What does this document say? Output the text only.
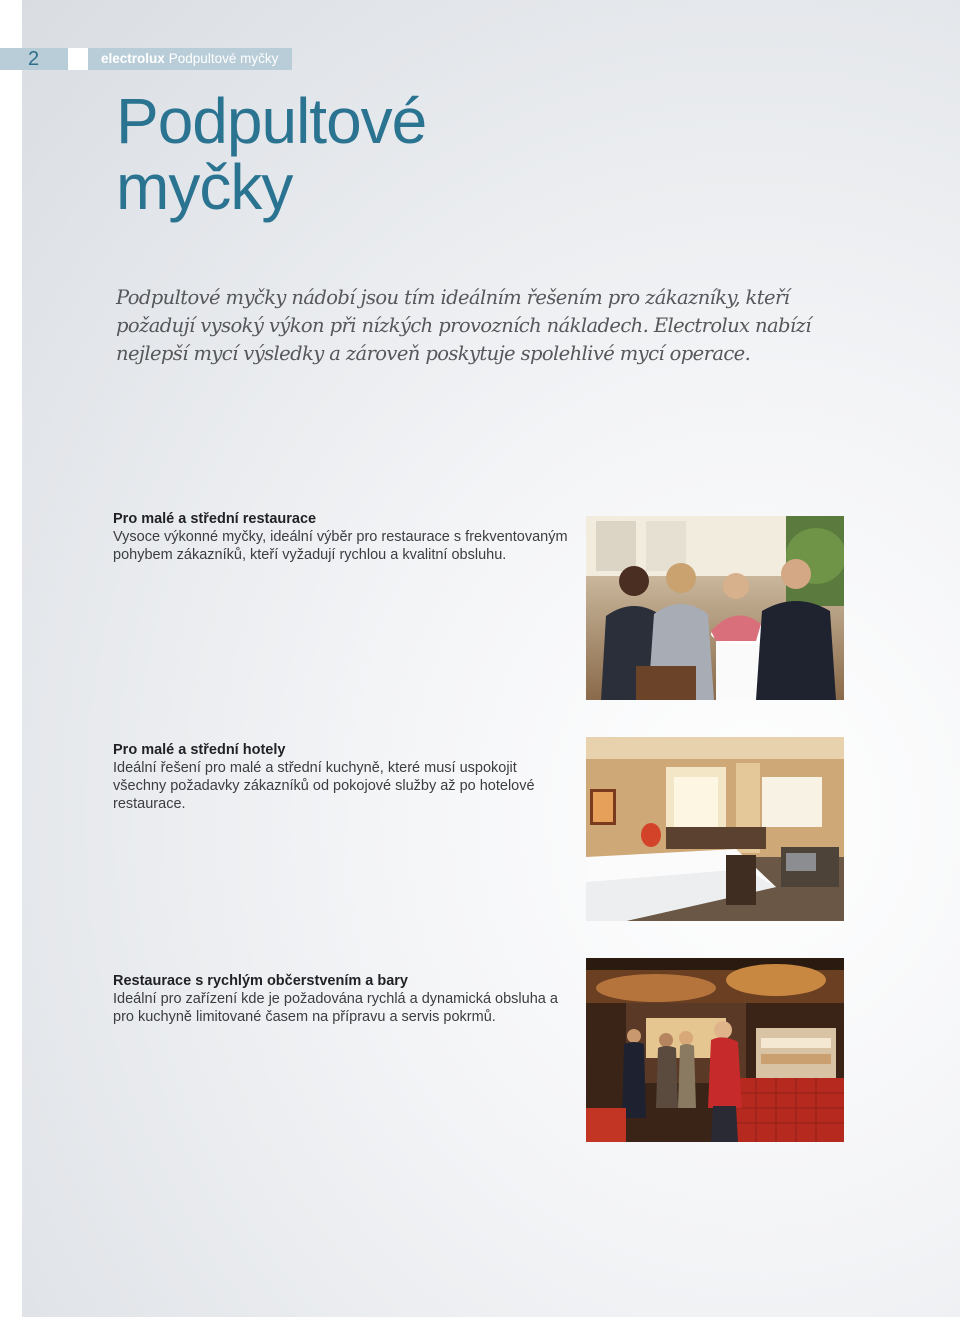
2	electrolux Podpultové myčky
Podpultové
myčky

Podpultové myčky nádobí jsou tím ideálním řešením pro zákazníky, kteří požadují vysoký výkon při nízkých provozních nákladech. Electrolux nabízí nejlepší mycí výsledky a zároveň poskytuje spolehlivé mycí operace.

Pro malé a střední restaurace

Vysoce výkonné myčky, ideální výběr pro restaurace s frekventovaným pohybem zákazníků, kteří vyžadují rychlou a kvalitní obsluhu.

Pro malé a střední hotely

Ideální řešení pro malé a střední kuchyně, které musí uspokojit všechny požadavky zákazníků od pokojové služby až po hotelové restaurace.

Restaurace s rychlým občerstvením a bary

Ideální pro zařízení kde je požadována rychlá a dynamická obsluha a pro kuchyně limitované časem na přípravu a servis pokrmů.
